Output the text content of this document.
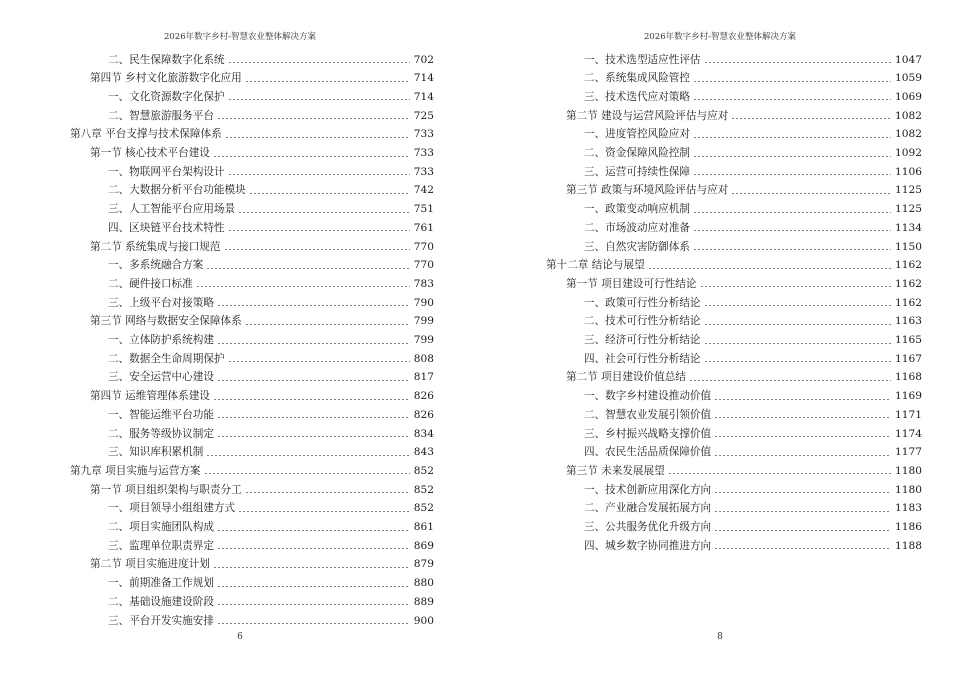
2026年数字乡村-智慧农业整体解决方案
二、民生保障数字化系统	702
第四节 乡村文化旅游数字化应用	714
一、文化资源数字化保护	714
二、智慧旅游服务平台	725
第八章 平台支撑与技术保障体系	733
第一节 核心技术平台建设	733
一、物联网平台架构设计	733
二、大数据分析平台功能模块	742
三、人工智能平台应用场景	751
四、区块链平台技术特性	761
第二节 系统集成与接口规范	770
一、多系统融合方案	770
二、硬件接口标准	783
三、上级平台对接策略	790
第三节 网络与数据安全保障体系	799
一、立体防护系统构建	799
二、数据全生命周期保护	808
三、安全运营中心建设	817
第四节 运维管理体系建设	826
一、智能运维平台功能	826
二、服务等级协议制定	834
三、知识库积累机制	843
第九章 项目实施与运营方案	852
第一节 项目组织架构与职责分工	852
一、项目领导小组组建方式	852
二、项目实施团队构成	861
三、监理单位职责界定	869
第二节 项目实施进度计划	879
一、前期准备工作规划	880
二、基础设施建设阶段	889
三、平台开发实施安排	900
6
2026年数字乡村-智慧农业整体解决方案
一、技术选型适应性评估	1047
二、系统集成风险管控	1059
三、技术迭代应对策略	1069
第二节 建设与运营风险评估与应对	1082
一、进度管控风险应对	1082
二、资金保障风险控制	1092
三、运营可持续性保障	1106
第三节 政策与环境风险评估与应对	1125
一、政策变动响应机制	1125
二、市场波动应对准备	1134
三、自然灾害防御体系	1150
第十二章 结论与展望	1162
第一节 项目建设可行性结论	1162
一、政策可行性分析结论	1162
二、技术可行性分析结论	1163
三、经济可行性分析结论	1165
四、社会可行性分析结论	1167
第二节 项目建设价值总结	1168
一、数字乡村建设推动价值	1169
二、智慧农业发展引领价值	1171
三、乡村振兴战略支撑价值	1174
四、农民生活品质保障价值	1177
第三节 未来发展展望	1180
一、技术创新应用深化方向	1180
二、产业融合发展拓展方向	1183
三、公共服务优化升级方向	1186
四、城乡数字协同推进方向	1188
8
